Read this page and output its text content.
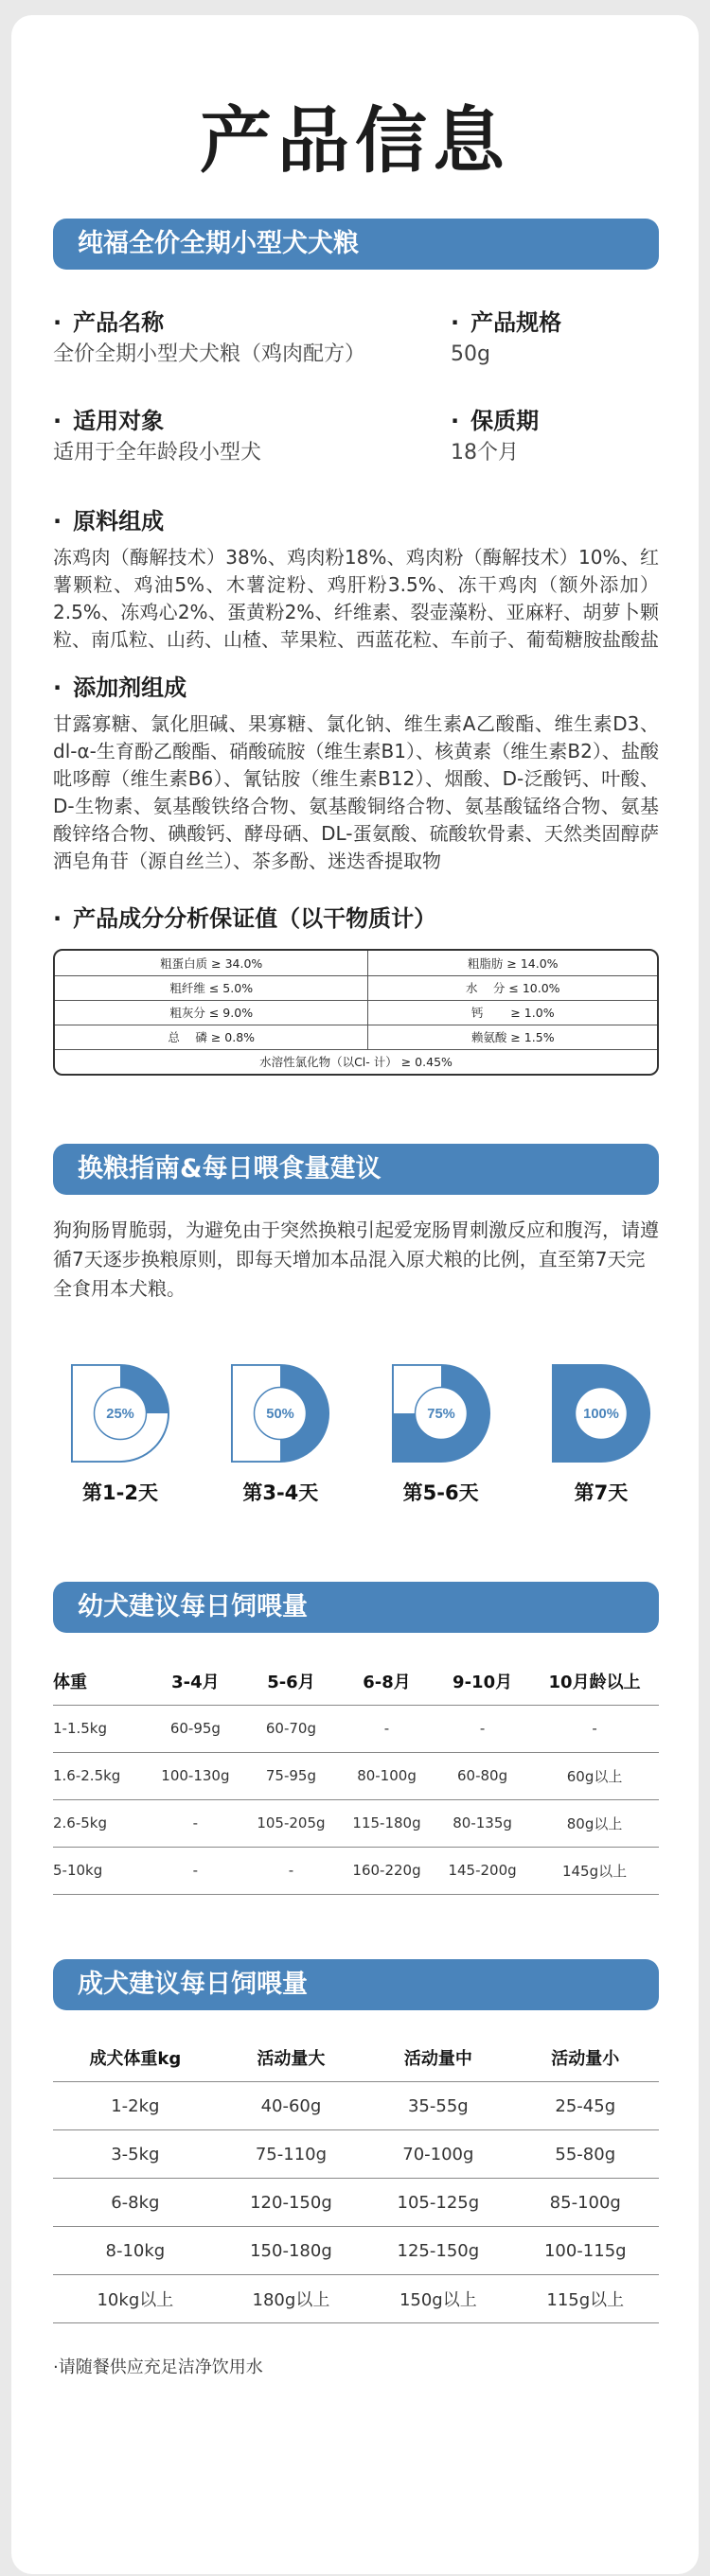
产品信息
纯福全价全期小型犬犬粮
· 产品名称
全价全期小型犬犬粮（鸡肉配方）
· 产品规格
50g
· 适用对象
适用于全年龄段小型犬
· 保质期
18个月
· 原料组成

冻鸡肉（酶解技术）38%、鸡肉粉18%、鸡肉粉（酶解技术）10%、红薯颗粒、鸡油5%、木薯淀粉、鸡肝粉3.5%、冻干鸡肉（额外添加） 2.5%、冻鸡心2%、蛋黄粉2%、纤维素、裂壶藻粉、亚麻籽、胡萝卜颗粒、南瓜粒、山药、山楂、苹果粒、西蓝花粒、车前子、葡萄糖胺盐酸盐

· 添加剂组成

甘露寡糖、氯化胆碱、果寡糖、氯化钠、维生素A乙酸酯、维生素D3、dl-α-生育酚乙酸酯、硝酸硫胺（维生素B1）、核黄素（维生素B2）、盐酸吡哆醇（维生素B6）、氰钴胺（维生素B12）、烟酸、D-泛酸钙、叶酸、D-生物素、氨基酸铁络合物、氨基酸铜络合物、氨基酸锰络合物、氨基酸锌络合物、碘酸钙、酵母硒、DL-蛋氨酸、硫酸软骨素、天然类固醇萨洒皂角苷（源自丝兰）、茶多酚、迷迭香提取物

· 产品成分分析保证值（以干物质计）
粗蛋白质 ≥ 34.0%	粗脂肪 ≥ 14.0%
粗纤维 ≤ 5.0%	水　 分 ≤ 10.0%
粗灰分 ≤ 9.0%	钙　　 ≥ 1.0%
总　 磷 ≥ 0.8%	赖氨酸 ≥ 1.5%
水溶性氯化物（以Cl- 计） ≥ 0.45%	
换粮指南&每日喂食量建议

狗狗肠胃脆弱，为避免由于突然换粮引起爱宠肠胃刺激反应和腹泻，请遵循7天逐步换粮原则，即每天增加本品混入原犬粮的比例，直至第7天完全食用本犬粮。

25%
第1-2天
50%
第3-4天
75%
第5-6天
100%
第7天
幼犬建议每日饲喂量
体重	3-4月	5-6月	6-8月	9-10月	10月龄以上
1-1.5kg	60-95g	60-70g	-	-	-
1.6-2.5kg	100-130g	75-95g	80-100g	60-80g	60g以上
2.6-5kg	-	105-205g	115-180g	80-135g	80g以上
5-10kg	-	-	160-220g	145-200g	145g以上
成犬建议每日饲喂量
成犬体重kg	活动量大	活动量中	活动量小
1-2kg	40-60g	35-55g	25-45g
3-5kg	75-110g	70-100g	55-80g
6-8kg	120-150g	105-125g	85-100g
8-10kg	150-180g	125-150g	100-115g
10kg以上	180g以上	150g以上	115g以上

·请随餐供应充足洁净饮用水
